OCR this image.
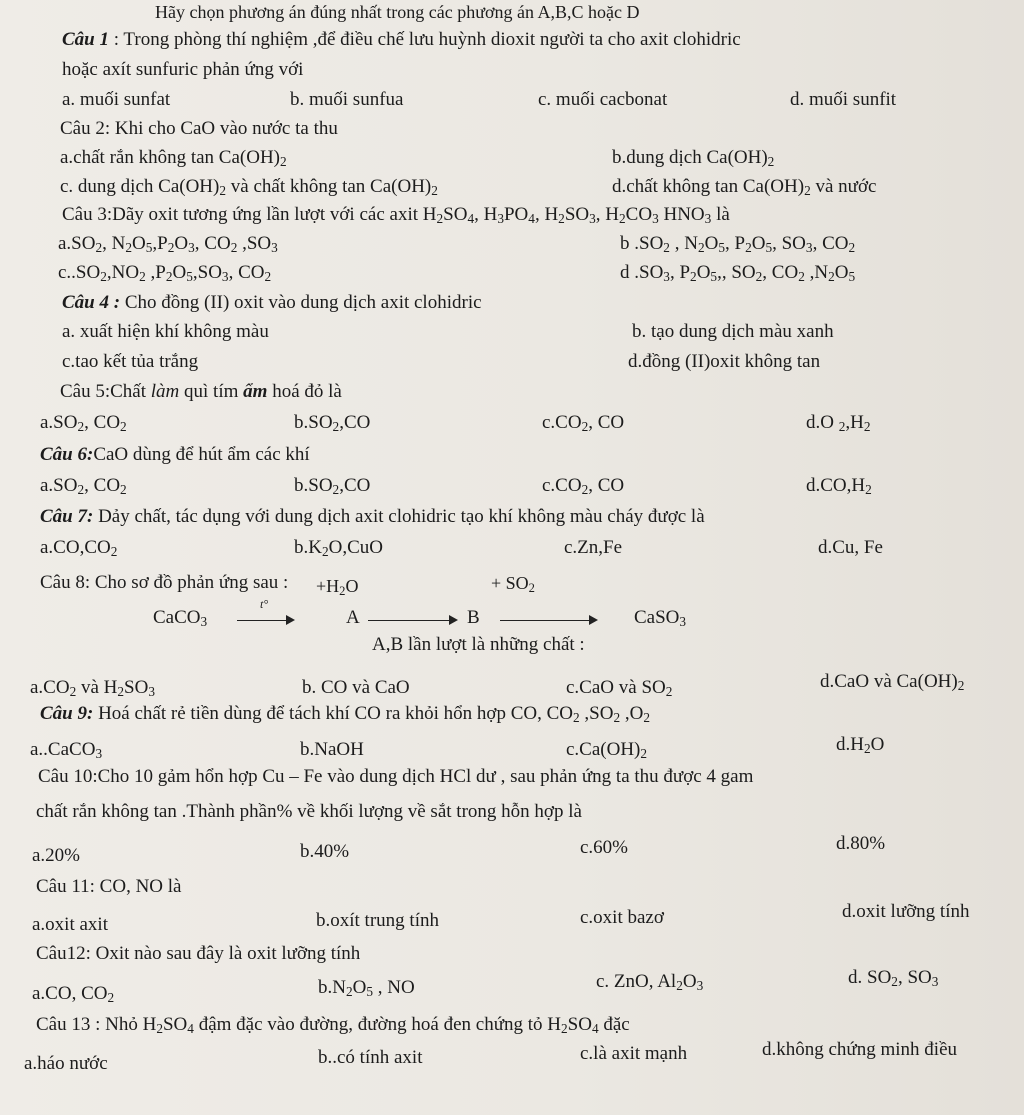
Hãy chọn phương án đúng nhất trong các phương án A,B,C hoặc D
Câu 1 : Trong phòng thí nghiệm ,để điều chế lưu huỳnh dioxit người ta cho axit clohidric
hoặc axít sunfuric phản ứng với
a. muối sunfat	b. muối sunfua	c. muối cacbonat	d. muối sunfit
Câu 2: Khi cho CaO vào nước ta thu
a.chất rắn không $\tan Ca(OH)_2$	b.dung dịch $Ca(OH)_2$
c. dung dịch $Ca(OH)_2$ và chất không $\tan Ca(OH)_2$	d.chất không $\tan Ca(OH)_2$ và nước
Câu 3:Dãy oxit tương ứng lần lượt với các axit $H_2SO_4$, $H_3PO_4$, $H_2SO_3$, $H_2CO_3$ $HNO_3$ là
$a.SO_2$, $N_2O_5,P_2O_3$, $CO_2$ $,SO_3$	b $.SO_2$ , $N_2O_5$, $P_2O_5$, $SO_3$, $CO_2$
$c..SO_2,NO_2$ $,P_2O_5,SO_3$, $CO_2$	d $.SO_3$, $P_2O_5$,, $SO_2$, $CO_2$ $,N_2O_5$
Câu 4 : Cho đồng (II) oxit vào dung dịch axit clohidric
a. xuất hiện khí không màu	b. tạo dung dịch màu xanh
c.tao kết tủa trắng	d.đồng (II)oxit không tan
Câu 5:Chất làm quì tím ẩm hoá đỏ là
$a.SO_2$, $CO_2$	$b.SO_2,CO$	$c.CO_2$, CO	d.O $_2,H_2$
Câu 6:CaO dùng để hút ẩm các khí
$a.SO_2$, $CO_2$	$b.SO_2,CO$	$c.CO_2$, CO	$d.CO,H_2$
Câu 7: Dảy chất, tác dụng với dung dịch axit clohidric tạo khí không màu cháy được là
$a.CO,CO_2$	$b.K_2O,CuO$	c.Zn,Fe	d.Cu, Fe
Câu 8: Cho sơ đồ phản ứng sau : $+H_2O$	+ $SO_2$
CaCO$_3$
t°
A	B	CaSO$_3$
A,B lần lượt là những chất :
$a.CO_2$ và $H_2SO_3$	b. CO và CaO	c.CaO và $SO_2$	d.CaO và $Ca(OH)_2$
Câu 9: Hoá chất rẻ tiền dùng để tách khí CO ra khỏi hổn hợp CO, $CO_2$ $,SO_2$ $,O_2$
a..CaCO$_3$	b.NaOH	$c.Ca(OH)_2$	$d.H_2O$
Câu 10:Cho 10 gảm hổn hợp Cu – Fe vào dung dịch HCl dư , sau phản ứng ta thu được 4 gam
chất rắn không tan .Thành phần% về khối lượng về sắt trong hỗn hợp là
a.20%	b.40%	c.60%	d.80%
Câu 11: CO, NO là
a.oxit axit	b.oxít trung tính	c.oxit bazơ	d.oxit lưỡng tính
Câu12: Oxit nào sau đây là oxit lưỡng tính
a.CO, $CO_2$	$b.N_2O_5$ , NO	c. ZnO, $Al_2O_3$	d. $SO_2$, $SO_3$
Câu 13 : Nhỏ $H_2SO_4$ đậm đặc vào đường, đường hoá đen chứng tỏ $H_2SO_4$ đặc
a.háo nước	b..có tính axit	c.là axit mạnh	d.không chứng minh điều
